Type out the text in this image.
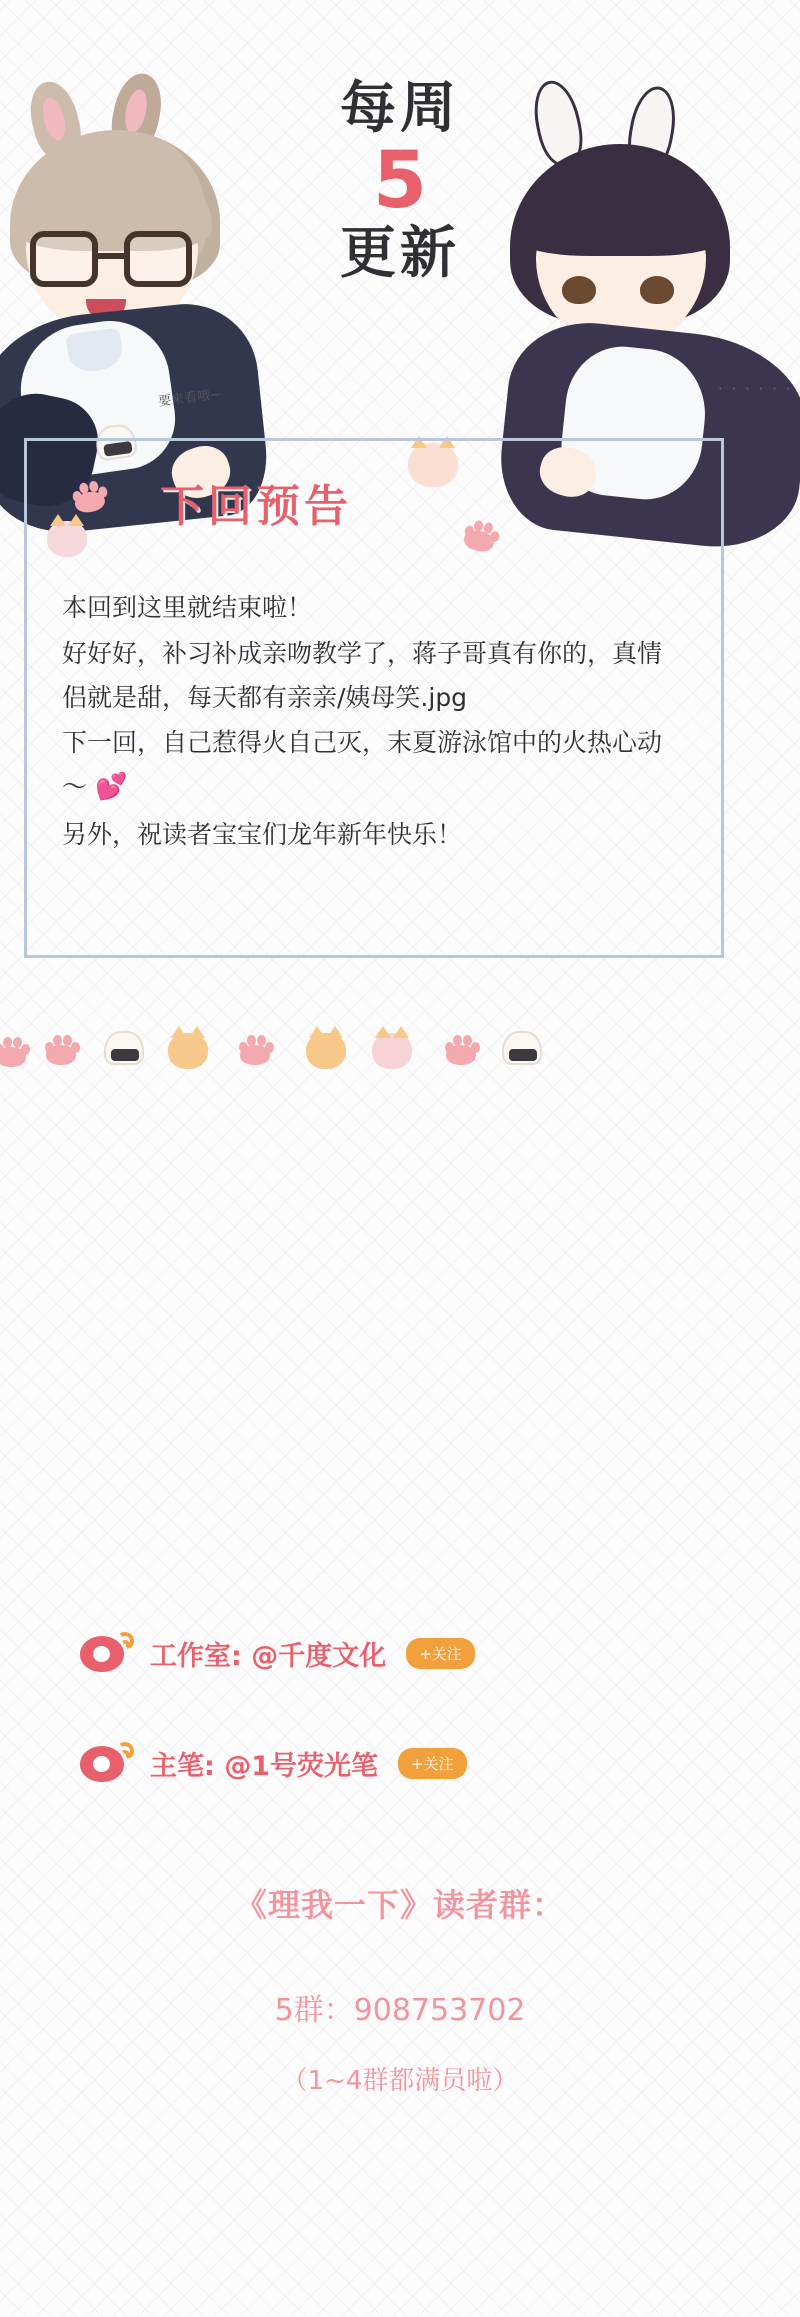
要来看哦~
每周
5
更新
· · · · · ·
下回预告

本回到这里就结束啦！

好好好，补习补成亲吻教学了，蒋子哥真有你的，真情侣就是甜，每天都有亲亲/姨母笑.jpg

下一回，自己惹得火自己灭，末夏游泳馆中的火热心动～ 💕

另外，祝读者宝宝们龙年新年快乐！

工作室: @千度文化	+关注
主笔: @1号荧光笔	+关注
《理我一下》读者群：
5群：908753702
（1~4群都满员啦）
